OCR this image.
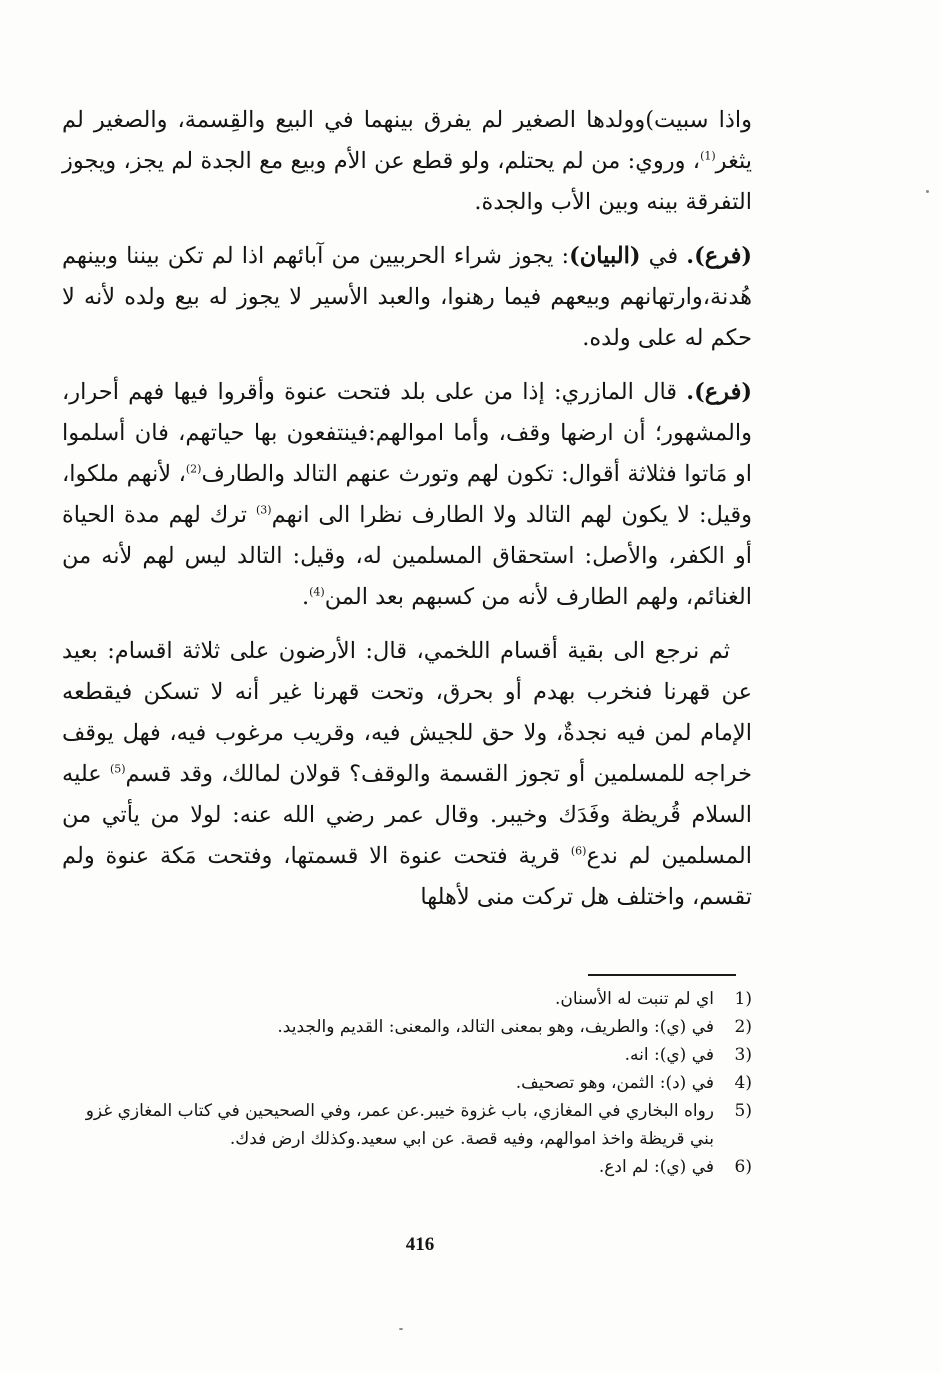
واذا سبيت)وولدها الصغير لم يفرق بينهما في البيع والقِسمة، والصغير لم يثغر$^{(1)}$، وروي: من لم يحتلم، ولو قطع عن الأم وبيع مع الجدة لم يجز، ويجوز التفرقة بينه وبين الأب والجدة.

(فرع). في (البيان): يجوز شراء الحربيين من آبائهم اذا لم تكن بيننا وبينهم هُدنة،وارتهانهم وبيعهم فيما رهنوا، والعبد الأسير لا يجوز له بيع ولده لأنه لا حكم له على ولده.

(فرع). قال المازري: إذا من على بلد فتحت عنوة وأقروا فيها فهم أحرار، والمشهور؛ أن ارضها وقف، وأما اموالهم:فينتفعون بها حياتهم، فان أسلموا او مَاتوا فثلاثة أقوال: تكون لهم وتورث عنهم التالد والطارف$^{(2)}$، لأنهم ملكوا، وقيل: لا يكون لهم التالد ولا الطارف نظرا الى انهم$^{(3)}$ ترك لهم مدة الحياة أو الكفر، والأصل: استحقاق المسلمين له، وقيل: التالد ليس لهم لأنه من الغنائم، ولهم الطارف لأنه من كسبهم بعد المن$^{(4)}$.

ثم نرجع الى بقية أقسام اللخمي، قال: الأرضون على ثلاثة اقسام: بعيد عن قهرنا فنخرب بهدم أو بحرق، وتحت قهرنا غير أنه لا تسكن فيقطعه الإمام لمن فيه نجدةٌ، ولا حق للجيش فيه، وقريب مرغوب فيه، فهل يوقف خراجه للمسلمين أو تجوز القسمة والوقف؟ قولان لمالك، وقد قسم$^{(5)}$ عليه السلام قُريظة وفَدَك وخيبر. وقال عمر رضي الله عنه: لولا من يأتي من المسلمين لم ندع$^{(6)}$ قرية فتحت عنوة الا قسمتها، وفتحت مَكة عنوة ولم تقسم، واختلف هل تركت منى لأهلها

1)
اي لم تنبت له الأسنان.
2)
في (ي): والطريف، وهو بمعنى التالد، والمعنى: القديم والجديد.
3)
في (ي): انه.
4)
في (د): الثمن، وهو تصحيف.
5)
رواه البخاري في المغازي، باب غزوة خيبر.عن عمر، وفي الصحيحين في كتاب المغازي غزو بني قريظة واخذ اموالهم، وفيه قصة. عن ابي سعيد.وكذلك ارض فدك.
6)
في (ي): لم ادع.
416
